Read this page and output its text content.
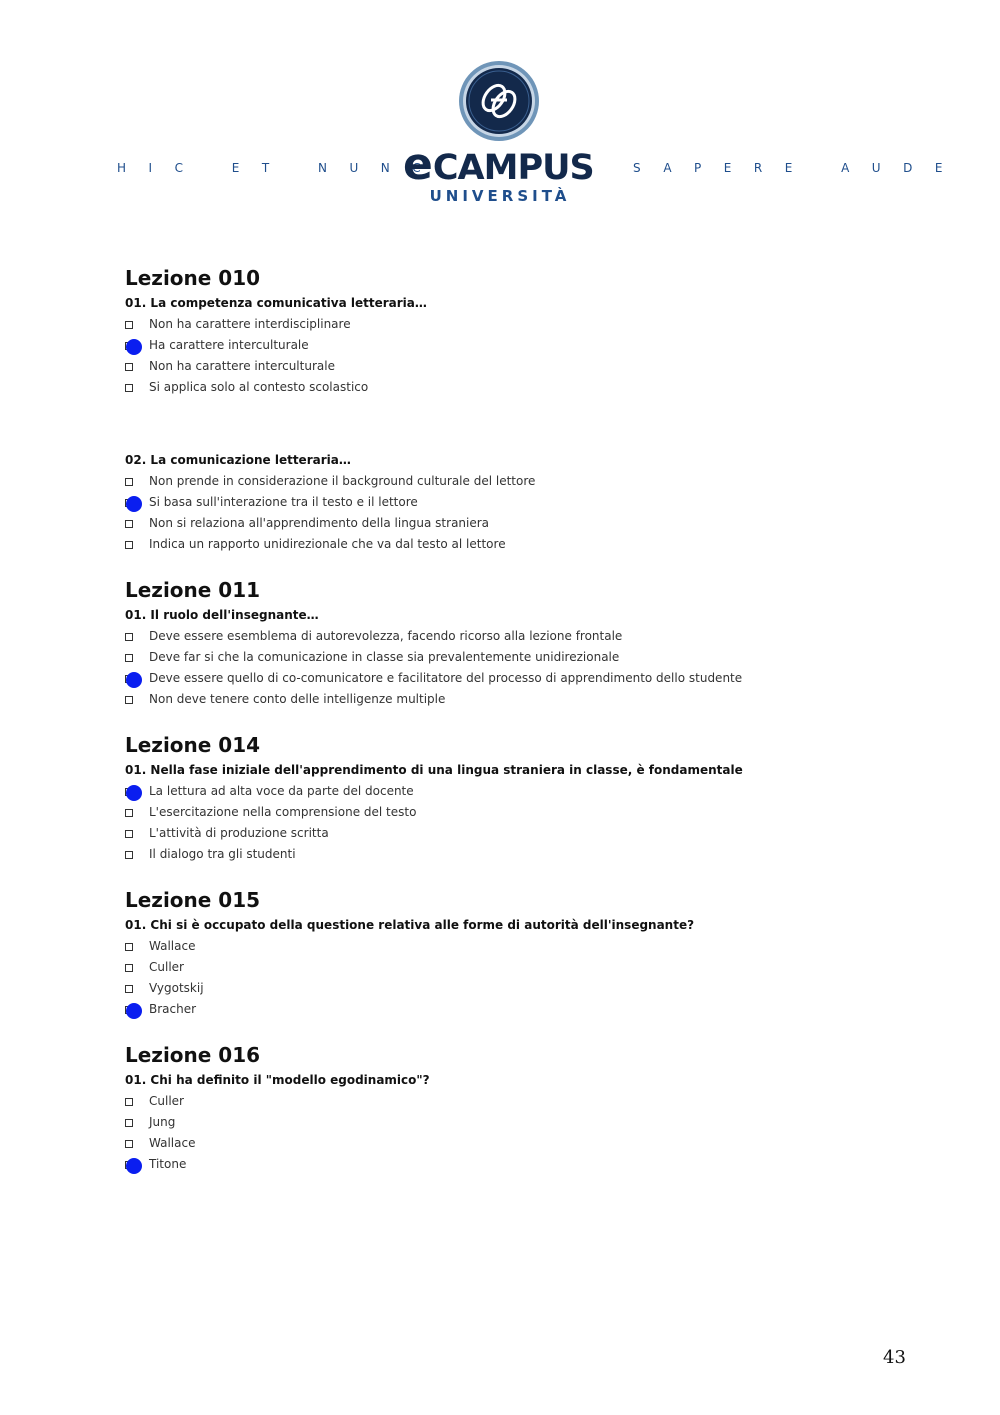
HIC ET NUNC
eCAMPUS
UNIVERSITÀ
SAPERE AUDE
Lezione 010

01. La competenza comunicativa letteraria…

Non ha carattere interdisciplinare
Ha carattere interculturale
Non ha carattere interculturale
Si applica solo al contesto scolastico

02. La comunicazione letteraria…

Non prende in considerazione il background culturale del lettore
Si basa sull'interazione tra il testo e il lettore
Non si relaziona all'apprendimento della lingua straniera
Indica un rapporto unidirezionale che va dal testo al lettore
Lezione 011

01. Il ruolo dell'insegnante…

Deve essere esemblema di autorevolezza, facendo ricorso alla lezione frontale
Deve far si che la comunicazione in classe sia prevalentemente unidirezionale
Deve essere quello di co-comunicatore e facilitatore del processo di apprendimento dello studente
Non deve tenere conto delle intelligenze multiple
Lezione 014

01. Nella fase iniziale dell'apprendimento di una lingua straniera in classe, è fondamentale

La lettura ad alta voce da parte del docente
L'esercitazione nella comprensione del testo
L'attività di produzione scritta
Il dialogo tra gli studenti
Lezione 015

01. Chi si è occupato della questione relativa alle forme di autorità dell'insegnante?

Wallace
Culler
Vygotskij
Bracher
Lezione 016

01. Chi ha definito il "modello egodinamico"?

Culler
Jung
Wallace
Titone
43
